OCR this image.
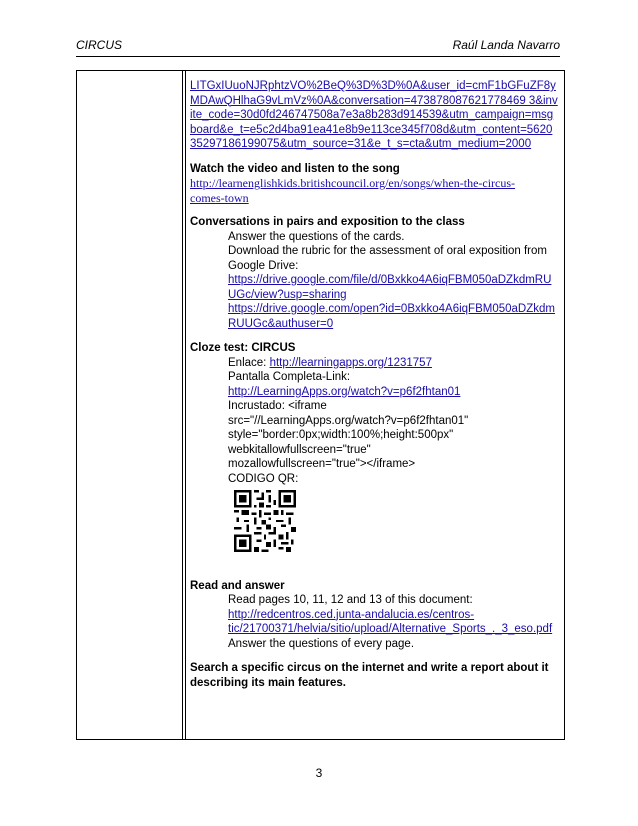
CIRCUS	Raúl Landa Navarro
LITGxIUuoNJRphtzVO%2BeQ%3D%3D%0A&user_id=cmF1bGFuZF8y
MDAwQHlhaG9vLmVz%0A&conversation=473878087621778469 3&inv
ite_code=30d0fd246747508a7e3a8b283d914539&utm_campaign=msg
board&e_t=e5c2d4ba91ea41e8b9e113ce345f708d&utm_content=5620
35297186199075&utm_source=31&e_t_s=cta&utm_medium=2000
Watch the video and listen to the song
http://learnenglishkids.britishcouncil.org/en/songs/when-the-circus-
comes-town
Conversations in pairs and exposition to the class
Answer the questions of the cards.
Download the rubric for the assessment of oral exposition from
Google Drive:
https://drive.google.com/file/d/0Bxkko4A6iqFBM050aDZkdmRU
UGc/view?usp=sharing
https://drive.google.com/open?id=0Bxkko4A6iqFBM050aDZkdm
RUUGc&authuser=0
Cloze test: CIRCUS
Enlace: http://learningapps.org/1231757
Pantalla Completa-Link:
http://LearningApps.org/watch?v=p6f2fhtan01
Incrustado: <iframe
src="//LearningApps.org/watch?v=p6f2fhtan01"
style="border:0px;width:100%;height:500px"
webkitallowfullscreen="true"
mozallowfullscreen="true"></iframe>
CODIGO QR:
Read and answer
Read pages 10, 11, 12 and 13 of this document:
http://redcentros.ced.junta-andalucia.es/centros-
tic/21700371/helvia/sitio/upload/Alternative_Sports_._3_eso.pdf
Answer the questions of every page.
Search a specific circus on the internet and write a report about it
describing its main features.
3
